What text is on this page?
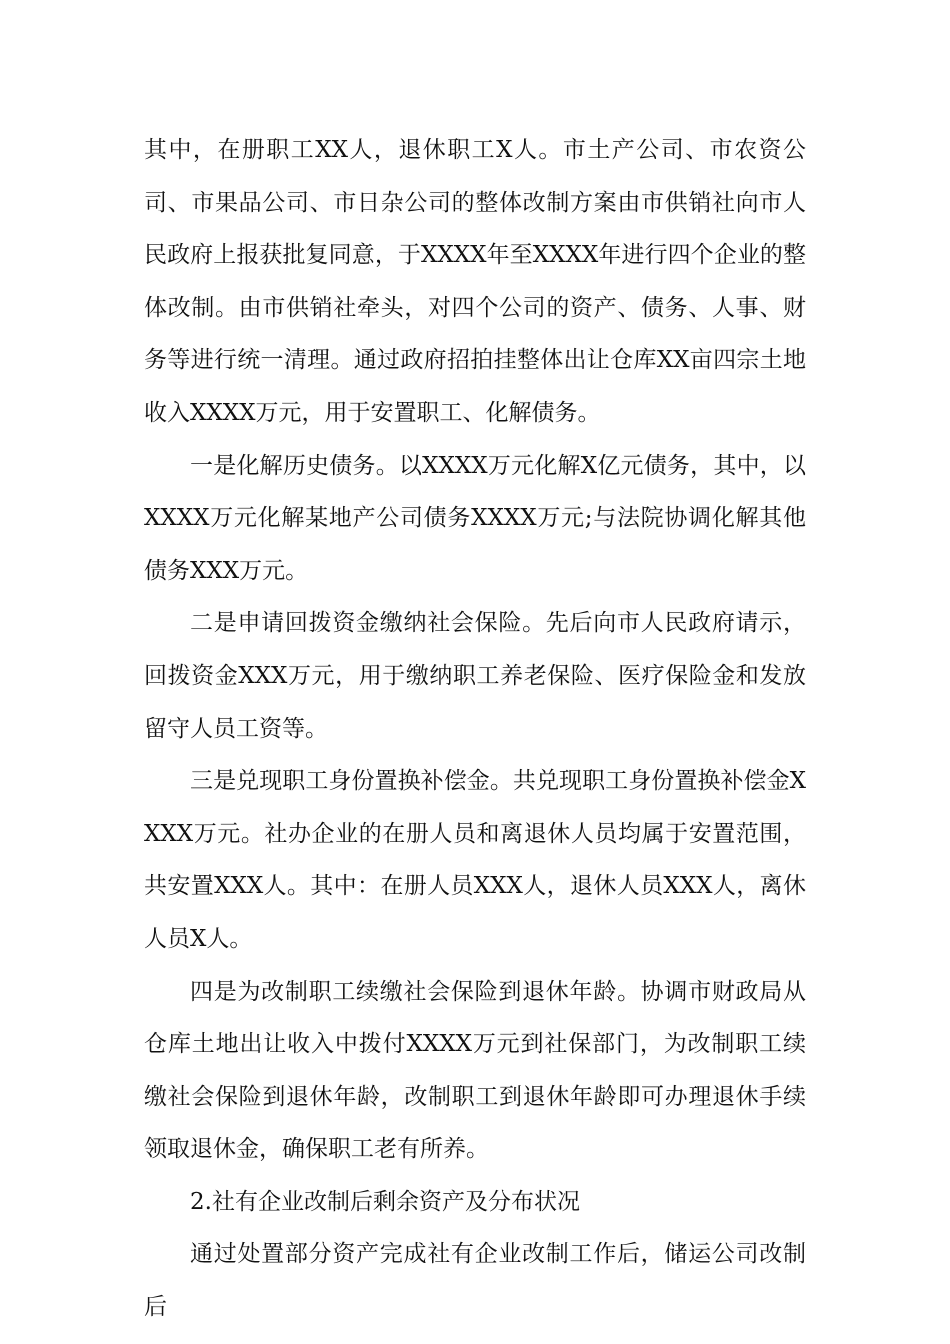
其中，在册职工XX人，退休职工X人。市土产公司、市农资公司、市果品公司、市日杂公司的整体改制方案由市供销社向市人民政府上报获批复同意，于XXXX年至XXXX年进行四个企业的整体改制。由市供销社牵头，对四个公司的资产、债务、人事、财务等进行统一清理。通过政府招拍挂整体出让仓库XX亩四宗土地收入XXXX万元，用于安置职工、化解债务。

一是化解历史债务。以XXXX万元化解X亿元债务，其中，以XXXX万元化解某地产公司债务XXXX万元;与法院协调化解其他债务XXX万元。

二是申请回拨资金缴纳社会保险。先后向市人民政府请示，回拨资金XXX万元，用于缴纳职工养老保险、医疗保险金和发放留守人员工资等。

三是兑现职工身份置换补偿金。共兑现职工身份置换补偿金XXXX万元。社办企业的在册人员和离退休人员均属于安置范围，共安置XXX人。其中：在册人员XXX人，退休人员XXX人，离休人员X人。

四是为改制职工续缴社会保险到退休年龄。协调市财政局从仓库土地出让收入中拨付XXXX万元到社保部门，为改制职工续缴社会保险到退休年龄，改制职工到退休年龄即可办理退休手续领取退休金，确保职工老有所养。

2.社有企业改制后剩余资产及分布状况

通过处置部分资产完成社有企业改制工作后，储运公司改制后
